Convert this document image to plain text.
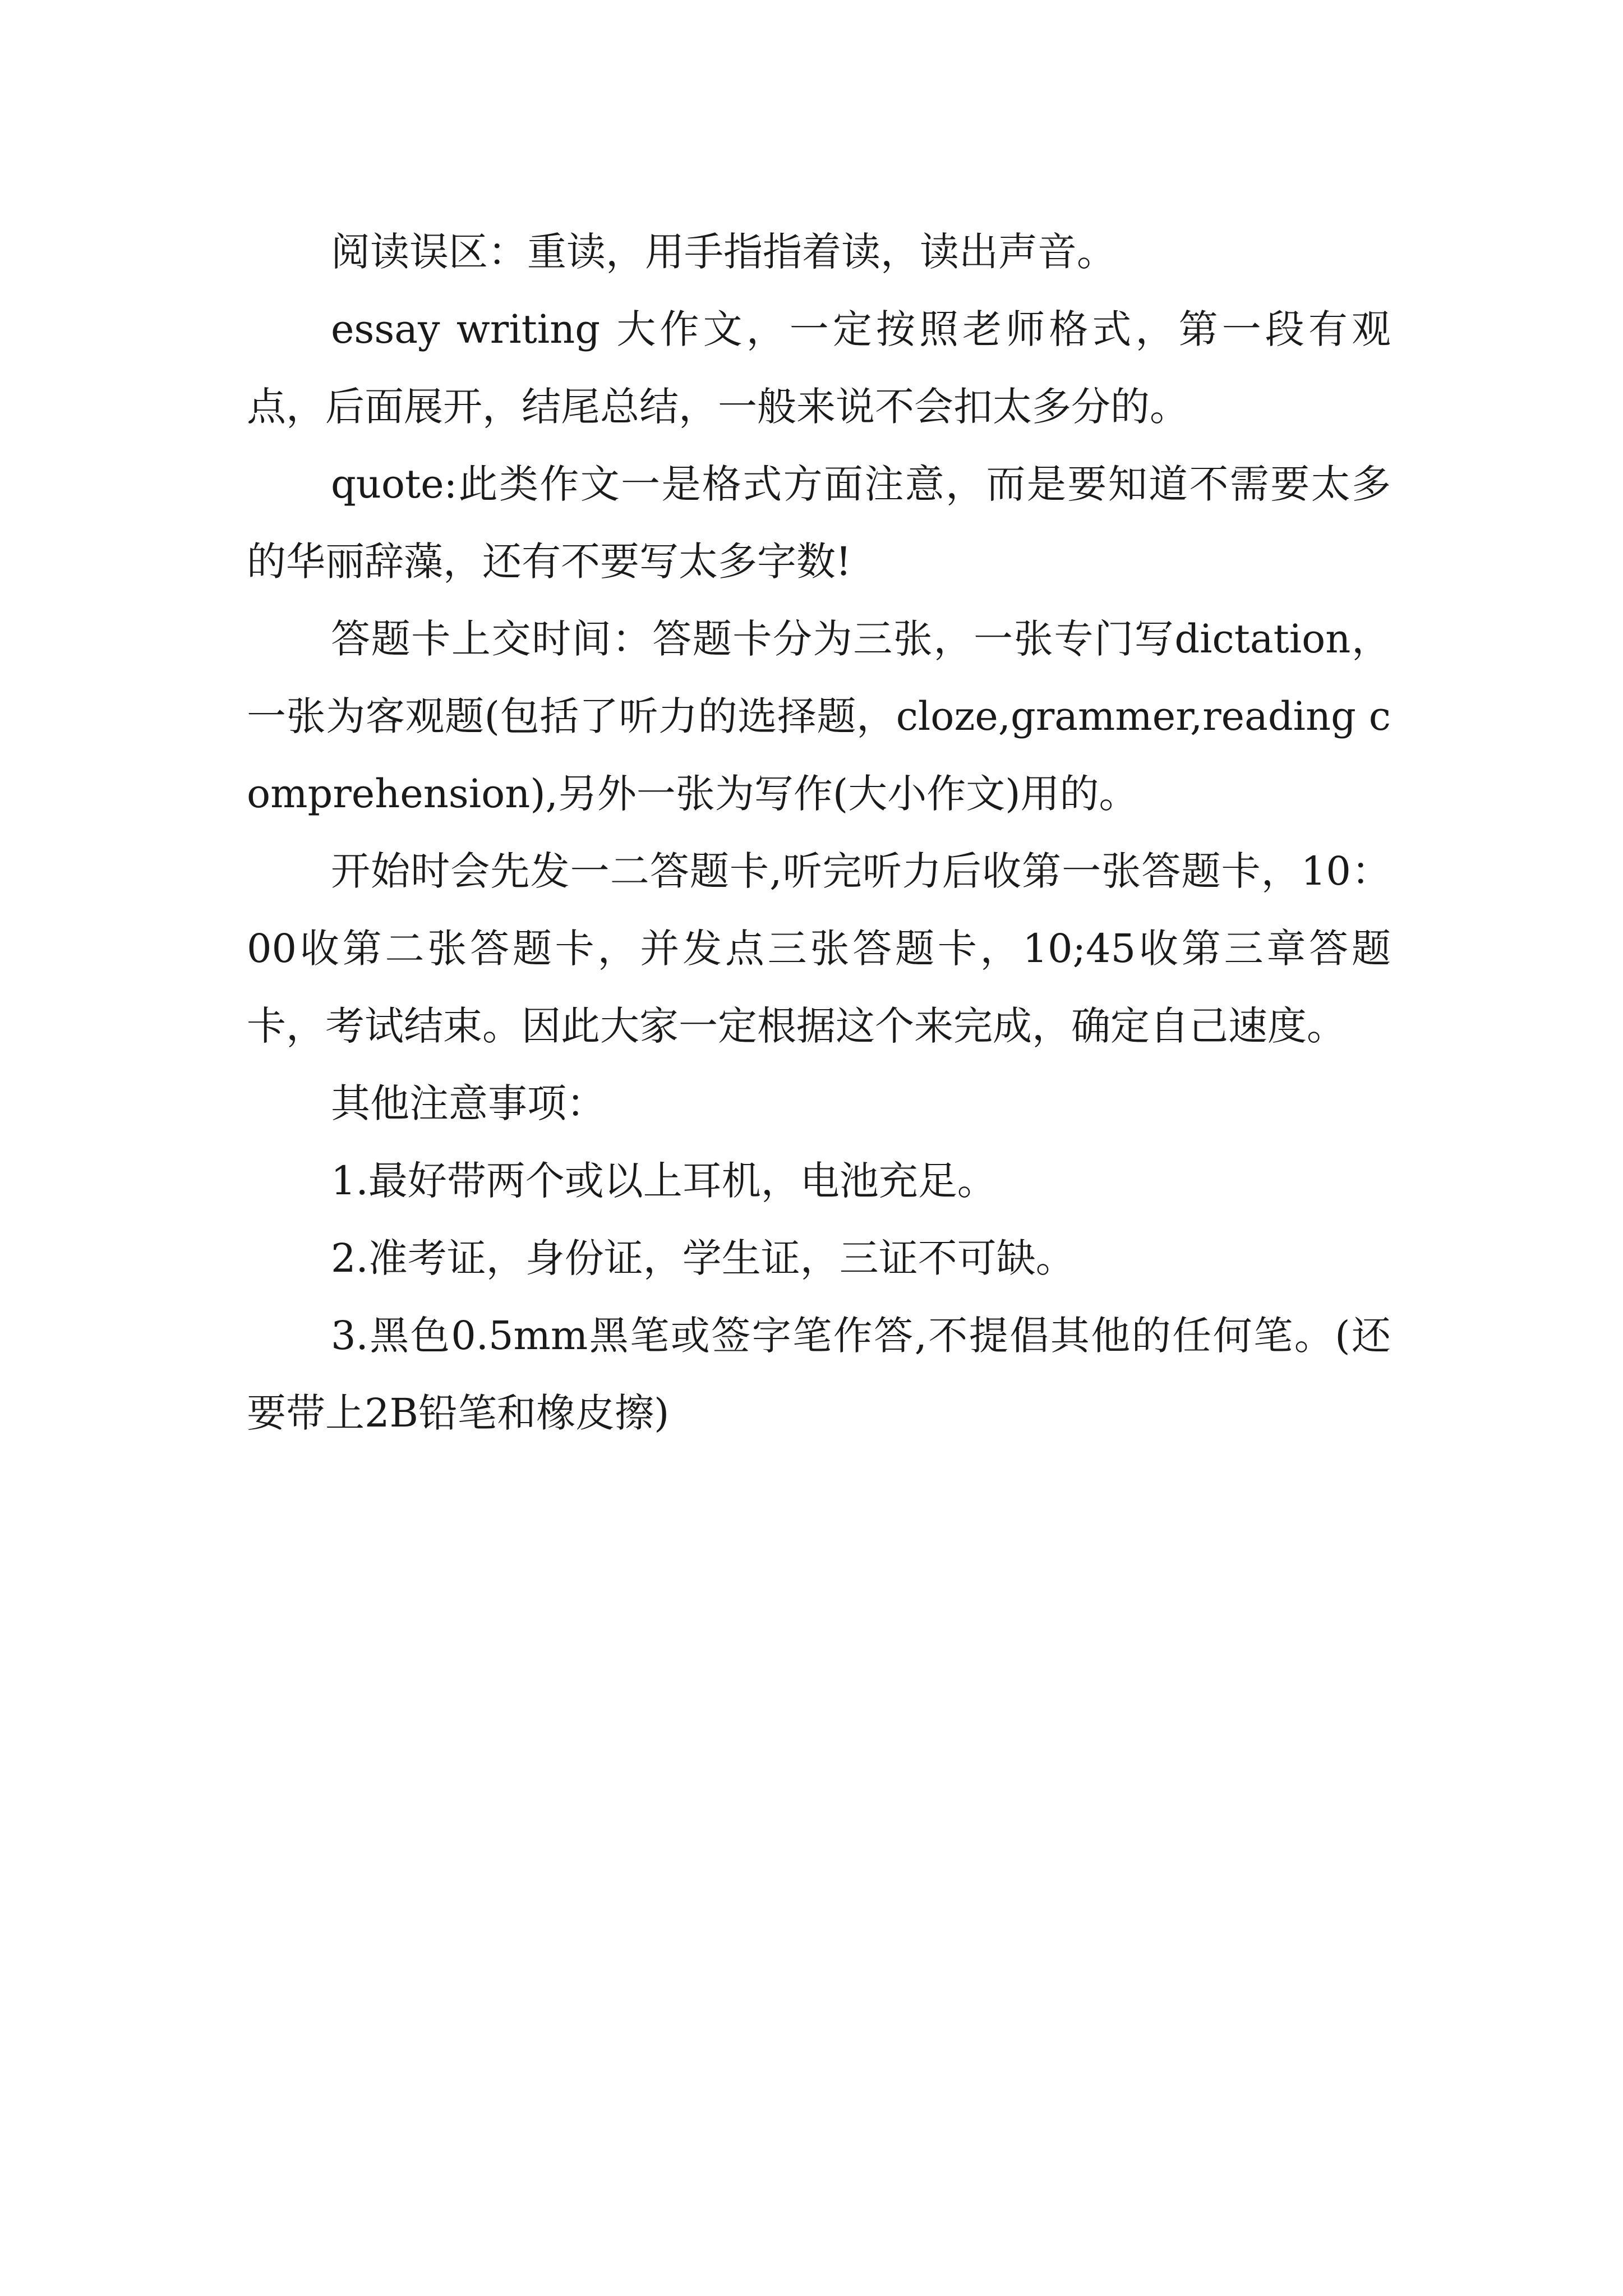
阅读误区：重读，用手指指着读，读出声音。

essay writing 大作文，一定按照老师格式，第一段有观点，后面展开，结尾总结，一般来说不会扣太多分的。

quote:此类作文一是格式方面注意，而是要知道不需要太多的华丽辞藻，还有不要写太多字数!

答题卡上交时间：答题卡分为三张，一张专门写dictation，一张为客观题(包括了听力的选择题，cloze,grammer,reading comprehension),另外一张为写作(大小作文)用的。

开始时会先发一二答题卡,听完听力后收第一张答题卡，10：00收第二张答题卡，并发点三张答题卡，10;45收第三章答题卡，考试结束。因此大家一定根据这个来完成，确定自己速度。

其他注意事项：

1.最好带两个或以上耳机，电池充足。

2.准考证，身份证，学生证，三证不可缺。

3.黑色0.5mm黑笔或签字笔作答,不提倡其他的任何笔。(还要带上2B铅笔和橡皮擦)
